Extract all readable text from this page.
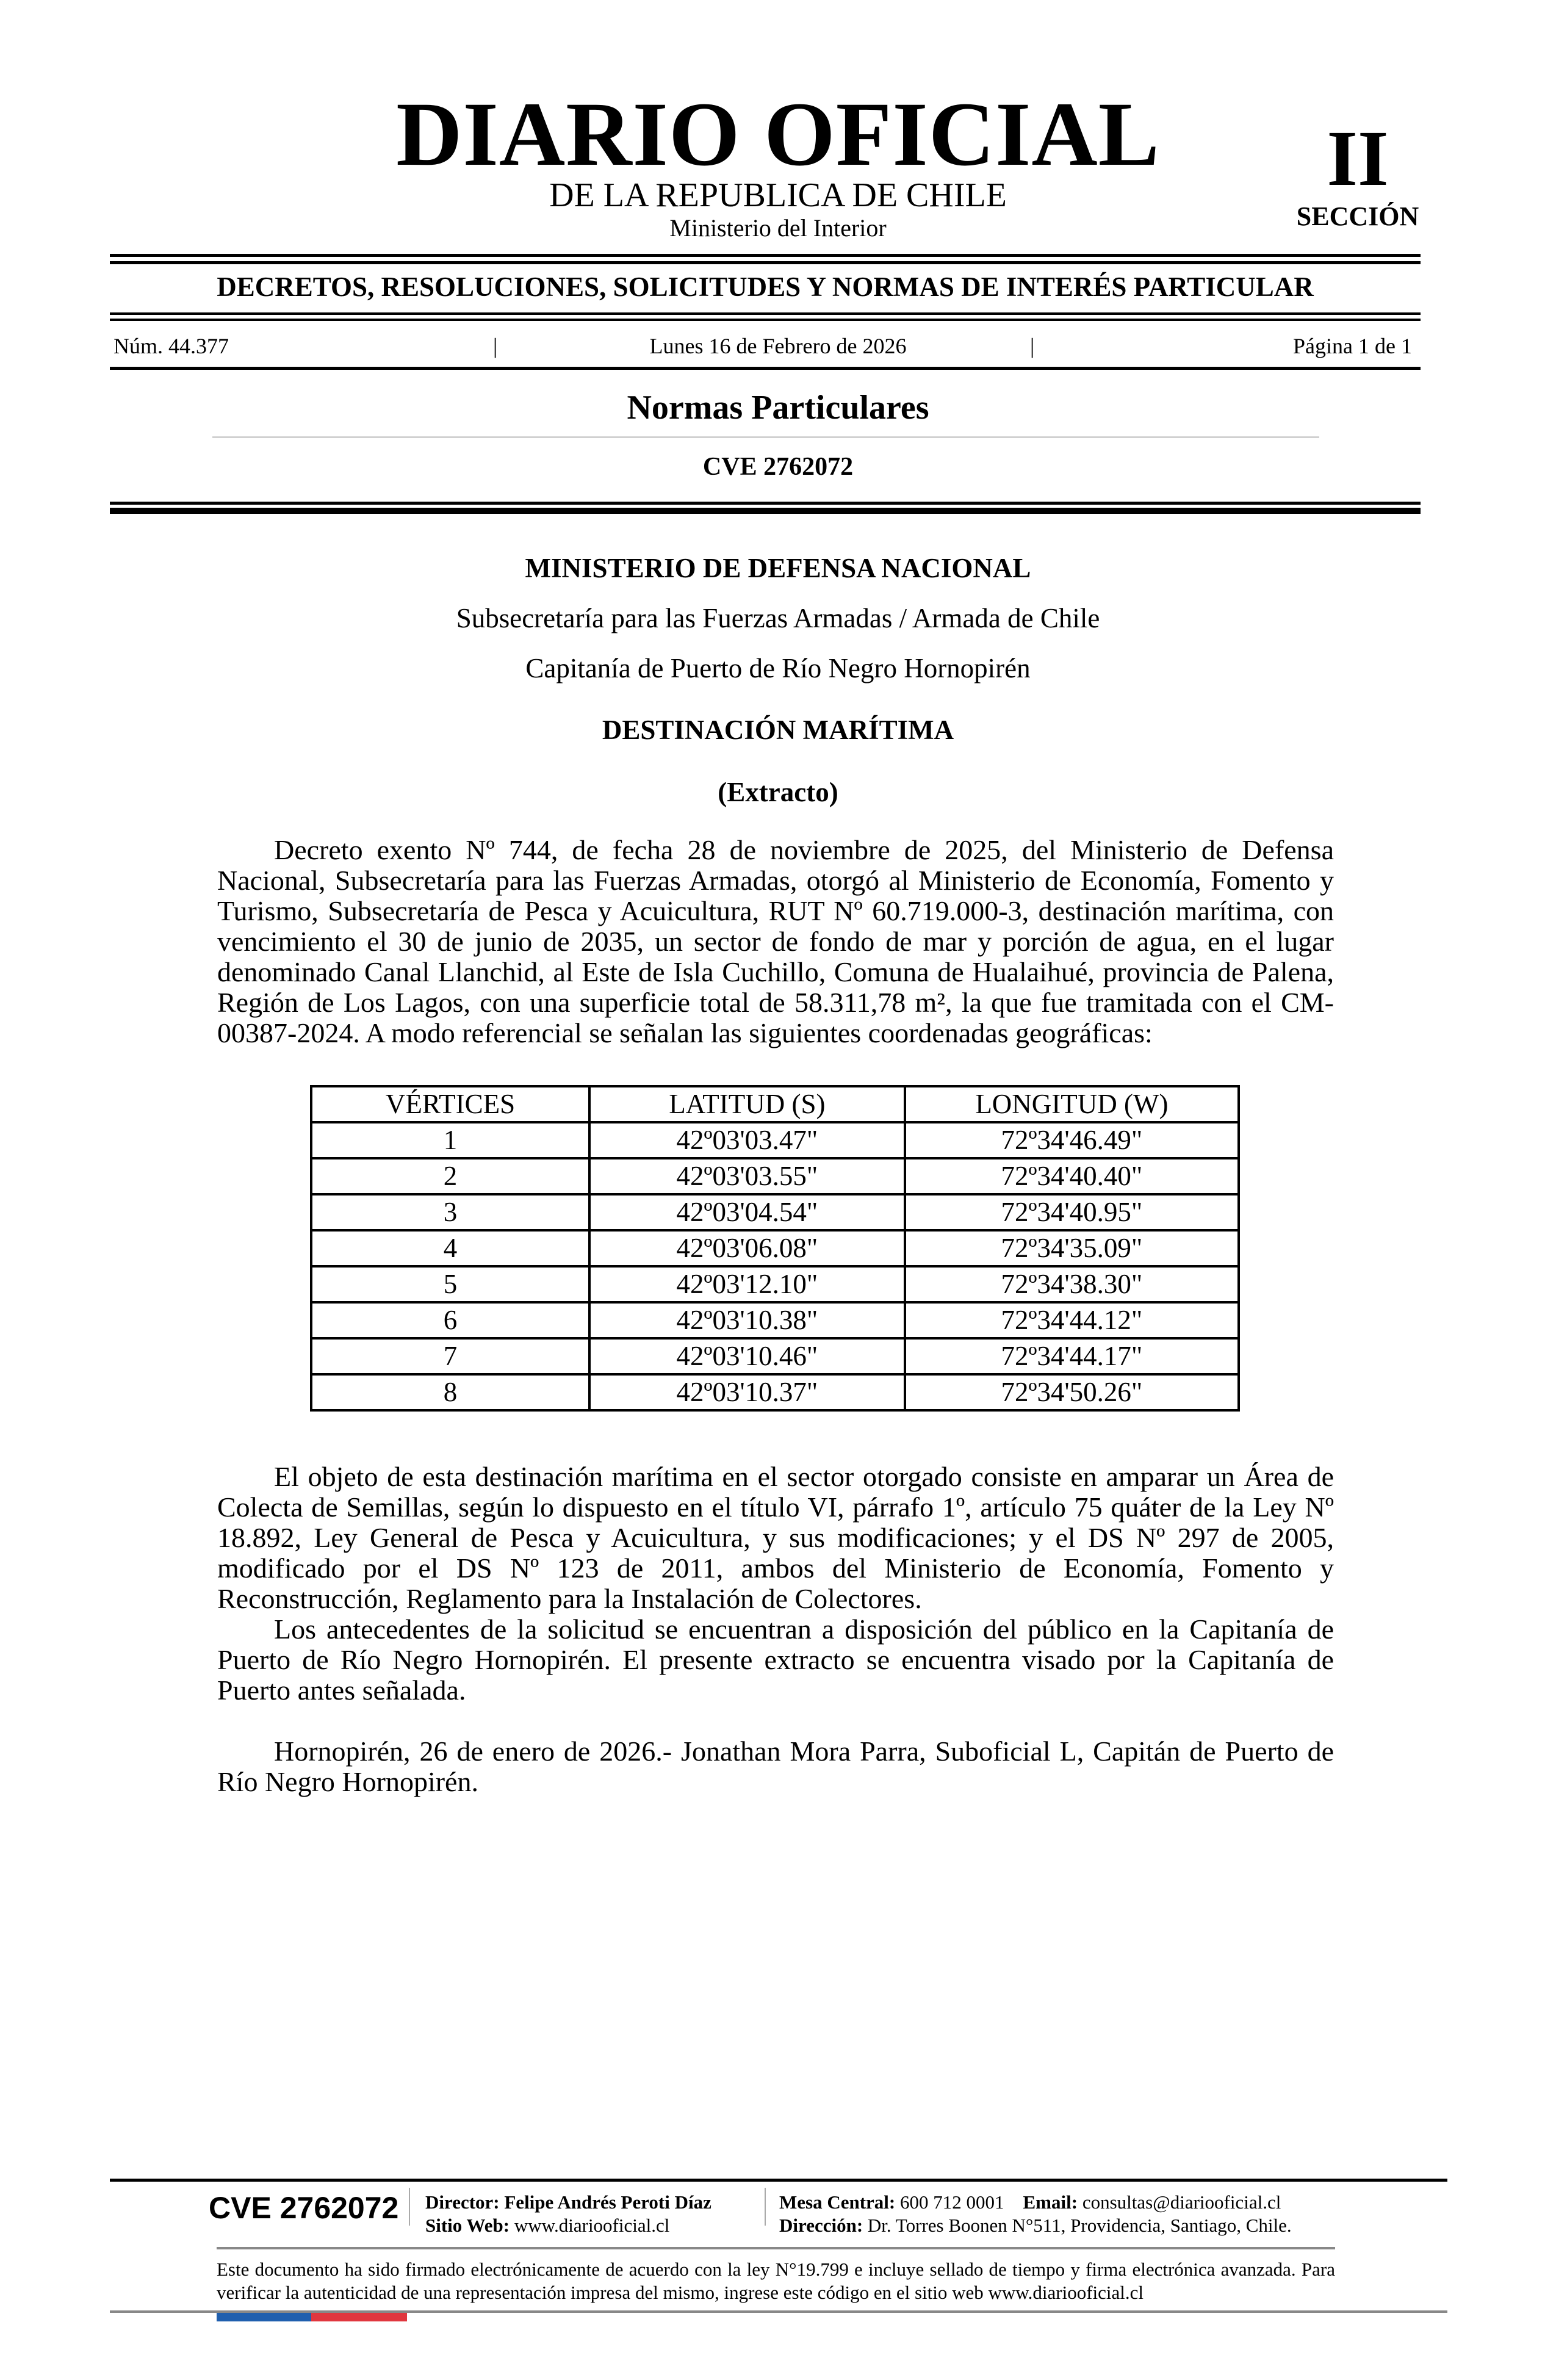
DIARIO OFICIAL
DE LA REPUBLICA DE CHILE
Ministerio del Interior
II
SECCIÓN
DECRETOS, RESOLUCIONES, SOLICITUDES Y NORMAS DE INTERÉS PARTICULAR
Núm. 44.377	|	Lunes 16 de Febrero de 2026	|	Página 1 de 1
Normas Particulares
CVE 2762072
MINISTERIO DE DEFENSA NACIONAL
Subsecretaría para las Fuerzas Armadas / Armada de Chile
Capitanía de Puerto de Río Negro Hornopirén
DESTINACIÓN MARÍTIMA
(Extracto)

Decreto exento Nº 744, de fecha 28 de noviembre de 2025, del Ministerio de Defensa Nacional, Subsecretaría para las Fuerzas Armadas, otorgó al Ministerio de Economía, Fomento y Turismo, Subsecretaría de Pesca y Acuicultura, RUT Nº 60.719.000-3, destinación marítima, con vencimiento el 30 de junio de 2035, un sector de fondo de mar y porción de agua, en el lugar denominado Canal Llanchid, al Este de Isla Cuchillo, Comuna de Hualaihué, provincia de Palena, Región de Los Lagos, con una superficie total de 58.311,78 m², la que fue tramitada con el CM-00387-2024. A modo referencial se señalan las siguientes coordenadas geográficas:

VÉRTICES	LATITUD (S)	LONGITUD (W)
1	42º03'03.47"	72º34'46.49"
2	42º03'03.55"	72º34'40.40"
3	42º03'04.54"	72º34'40.95"
4	42º03'06.08"	72º34'35.09"
5	42º03'12.10"	72º34'38.30"
6	42º03'10.38"	72º34'44.12"
7	42º03'10.46"	72º34'44.17"
8	42º03'10.37"	72º34'50.26"

El objeto de esta destinación marítima en el sector otorgado consiste en amparar un Área de Colecta de Semillas, según lo dispuesto en el título VI, párrafo 1º, artículo 75 quáter de la Ley Nº 18.892, Ley General de Pesca y Acuicultura, y sus modificaciones; y el DS Nº 297 de 2005, modificado por el DS Nº 123 de 2011, ambos del Ministerio de Economía, Fomento y Reconstrucción, Reglamento para la Instalación de Colectores.

Los antecedentes de la solicitud se encuentran a disposición del público en la Capitanía de Puerto de Río Negro Hornopirén. El presente extracto se encuentra visado por la Capitanía de Puerto antes señalada.

Hornopirén, 26 de enero de 2026.- Jonathan Mora Parra, Suboficial L, Capitán de Puerto de Río Negro Hornopirén.

CVE 2762072 Director: Felipe Andrés Peroti Díaz
Sitio Web: www.diariooficial.cl
Mesa Central: 600 712 0001 Email: consultas@diariooficial.cl
Dirección: Dr. Torres Boonen N°511, Providencia, Santiago, Chile.
Este documento ha sido firmado electrónicamente de acuerdo con la ley N°19.799 e incluye sellado de tiempo y firma electrónica avanzada. Para verificar la autenticidad de una representación impresa del mismo, ingrese este código en el sitio web www.diariooficial.cl
